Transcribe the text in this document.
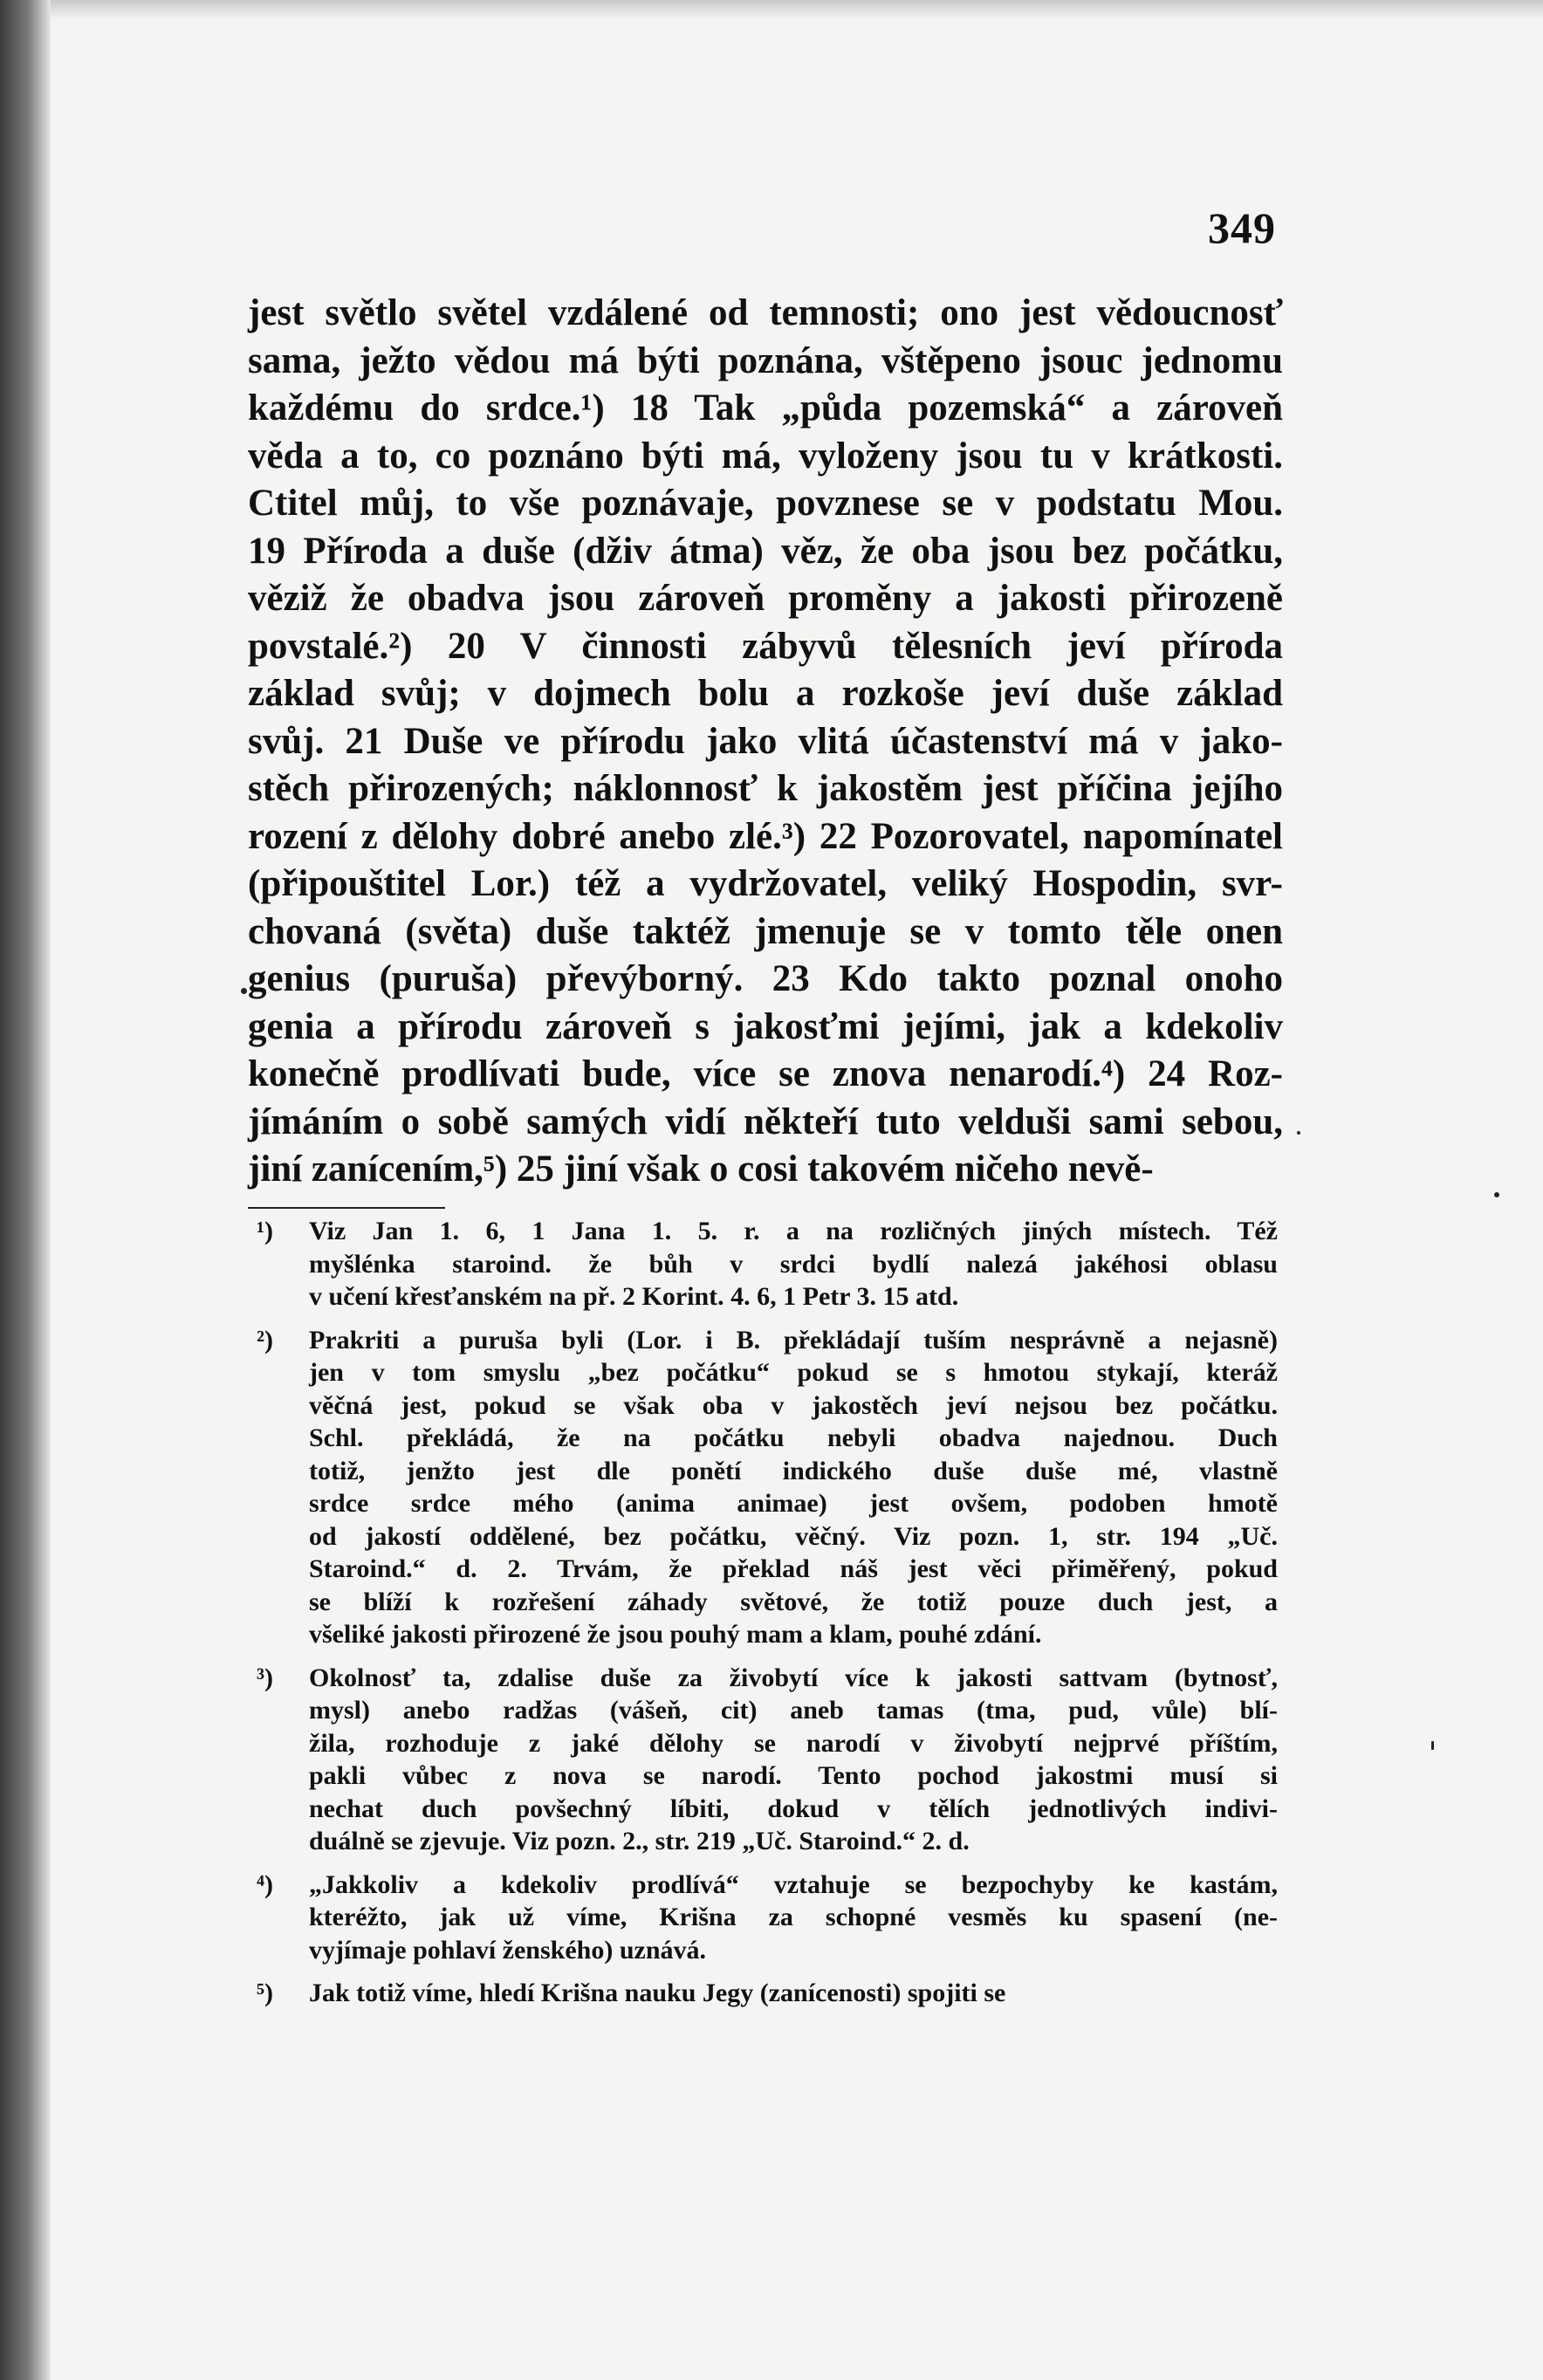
349
jest světlo světel vzdálené od temnosti; ono jest vědoucnosť
sama, ježto vědou má býti poznána, vštěpeno jsouc jednomu
každému do srdce.¹) 18 Tak „půda pozemská“ a zároveň
věda a to, co poznáno býti má, vyloženy jsou tu v krátkosti.
Ctitel můj, to vše poznávaje, povznese se v podstatu Mou.
19 Příroda a duše (dživ átma) věz, že oba jsou bez počátku,
věziž že obadva jsou zároveň proměny a jakosti přirozeně
povstalé.²) 20 V činnosti zábyvů tělesních jeví příroda
základ svůj; v dojmech bolu a rozkoše jeví duše základ
svůj. 21 Duše ve přírodu jako vlitá účastenství má v jako-
stěch přirozených; náklonnosť k jakostěm jest příčina jejího
rození z dělohy dobré anebo zlé.³) 22 Pozorovatel, napomínatel
(připouštitel Lor.) též a vydržovatel, veliký Hospodin, svr-
chovaná (světa) duše taktéž jmenuje se v tomto těle onen
genius (puruša) převýborný. 23 Kdo takto poznal onoho
genia a přírodu zároveň s jakosťmi jejími, jak a kdekoliv
konečně prodlívati bude, více se znova nenarodí.⁴) 24 Roz-
jímáním o sobě samých vidí někteří tuto velduši sami sebou,
jiní zanícením,⁵) 25 jiní však o cosi takovém ničeho nevě-
¹) Viz Jan 1. 6, 1 Jana 1. 5. r. a na rozličných jiných místech. Též
myšlénka staroind. že bůh v srdci bydlí nalezá jakéhosi oblasu
v učení křesťanském na př. 2 Korint. 4. 6, 1 Petr 3. 15 atd.
²) Prakriti a puruša byli (Lor. i B. překládají tuším nesprávně a nejasně)
jen v tom smyslu „bez počátku“ pokud se s hmotou stykají, kteráž
věčná jest, pokud se však oba v jakostěch jeví nejsou bez počátku.
Schl. překládá, že na počátku nebyli obadva najednou. Duch
totiž, jenžto jest dle ponětí indického duše duše mé, vlastně
srdce srdce mého (anima animae) jest ovšem, podoben hmotě
od jakostí oddělené, bez počátku, věčný. Viz pozn. 1, str. 194 „Uč.
Staroind.“ d. 2. Trvám, že překlad náš jest věci přiměřený, pokud
se blíží k rozřešení záhady světové, že totiž pouze duch jest, a
všeliké jakosti přirozené že jsou pouhý mam a klam, pouhé zdání.
³) Okolnosť ta, zdalise duše za živobytí více k jakosti sattvam (bytnosť,
mysl) anebo radžas (vášeň, cit) aneb tamas (tma, pud, vůle) blí-
žila, rozhoduje z jaké dělohy se narodí v živobytí nejprvé příštím,
pakli vůbec z nova se narodí. Tento pochod jakostmi musí si
nechat duch povšechný líbiti, dokud v tělích jednotlivých indivi-
duálně se zjevuje. Viz pozn. 2., str. 219 „Uč. Staroind.“ 2. d.
⁴) „Jakkoliv a kdekoliv prodlívá“ vztahuje se bezpochyby ke kastám,
kteréžto, jak už víme, Krišna za schopné vesměs ku spasení (ne-
vyjímaje pohlaví ženského) uznává.
⁵) Jak totiž víme, hledí Krišna nauku Jegy (zanícenosti) spojiti se
